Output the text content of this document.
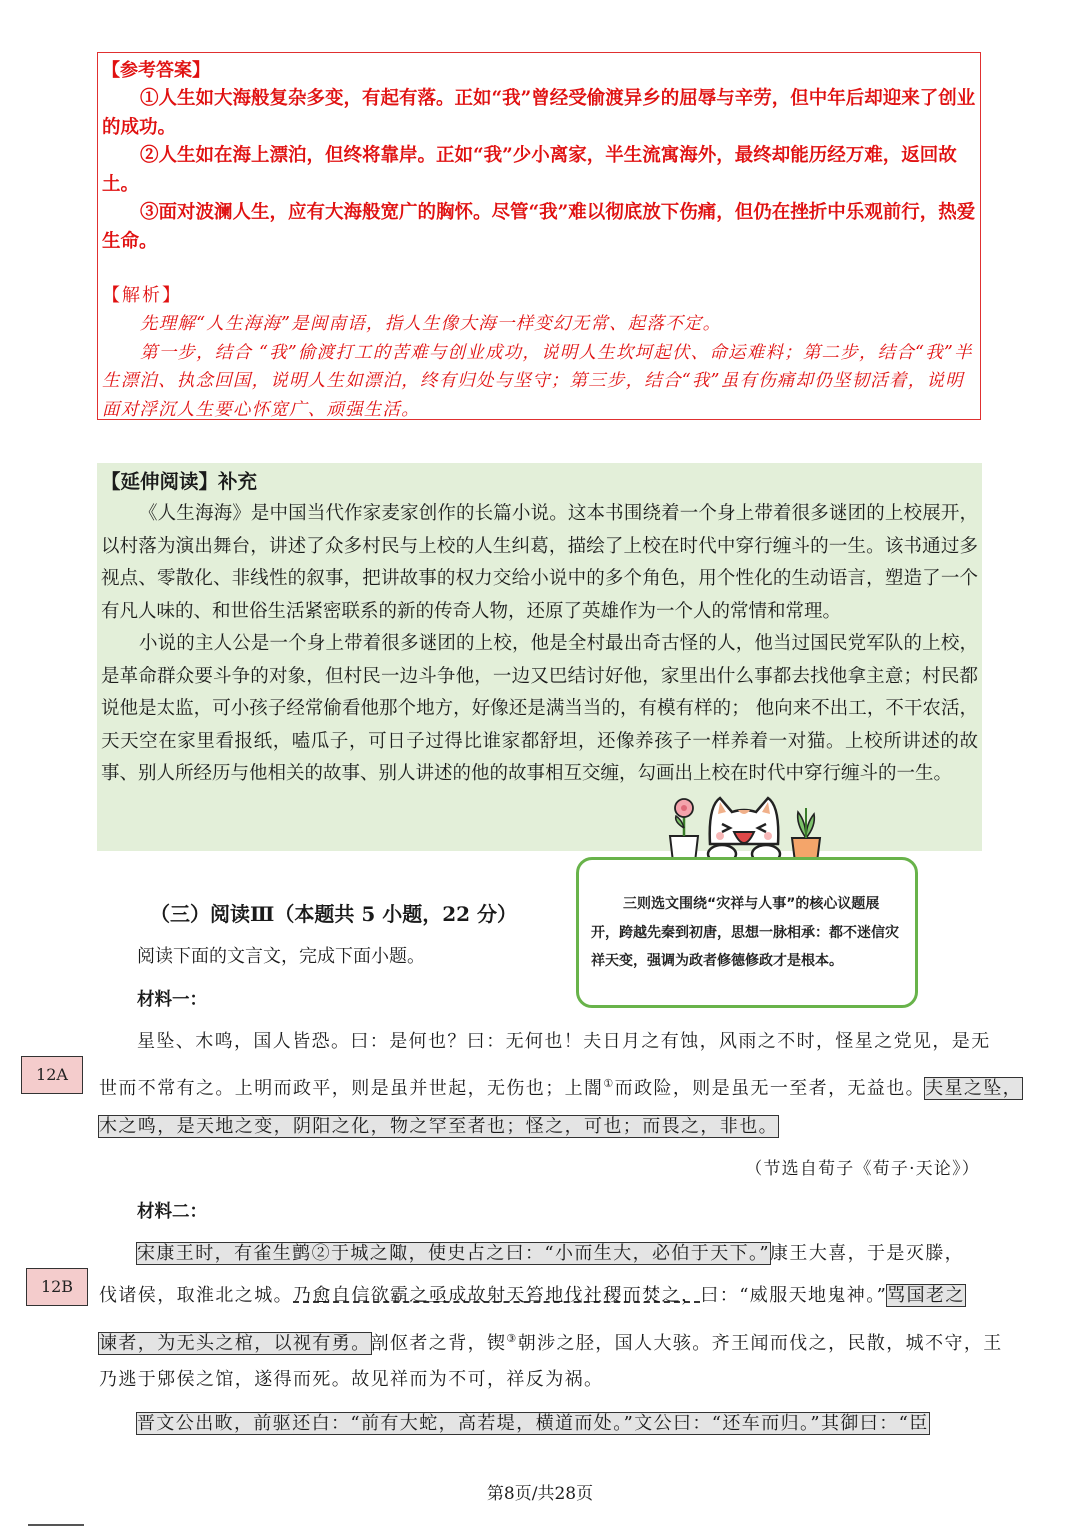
【参考答案】

①人生如大海般复杂多变，有起有落。正如“我”曾经受偷渡异乡的屈辱与辛劳，但中年后却迎来了创业的成功。

②人生如在海上漂泊，但终将靠岸。正如“我”少小离家，半生流寓海外，最终却能历经万难，返回故土。

③面对波澜人生，应有大海般宽广的胸怀。尽管“我”难以彻底放下伤痛，但仍在挫折中乐观前行，热爱生命。

【解析】

先理解“人生海海”是闽南语，指人生像大海一样变幻无常、起落不定。

第一步，结合 “我”偷渡打工的苦难与创业成功，说明人生坎坷起伏、命运难料；第二步，结合“我”半生漂泊、执念回国，说明人生如漂泊，终有归处与坚守；第三步，结合“我”虽有伤痛却仍坚韧活着，说明面对浮沉人生要心怀宽广、顽强生活。

【延伸阅读】补充

《人生海海》是中国当代作家麦家创作的长篇小说。这本书围绕着一个身上带着很多谜团的上校展开，以村落为演出舞台，讲述了众多村民与上校的人生纠葛，描绘了上校在时代中穿行缠斗的一生。该书通过多视点、零散化、非线性的叙事，把讲故事的权力交给小说中的多个角色，用个性化的生动语言，塑造了一个有凡人味的、和世俗生活紧密联系的新的传奇人物，还原了英雄作为一个人的常情和常理。

小说的主人公是一个身上带着很多谜团的上校，他是全村最出奇古怪的人，他当过国民党军队的上校，是革命群众要斗争的对象，但村民一边斗争他，一边又巴结讨好他，家里出什么事都去找他拿主意；村民都说他是太监，可小孩子经常偷看他那个地方，好像还是满当当的，有模有样的； 他向来不出工，不干农活，天天空在家里看报纸，嗑瓜子，可日子过得比谁家都舒坦，还像养孩子一样养着一对猫。上校所讲述的故事、别人所经历与他相关的故事、别人讲述的他的故事相互交缠，勾画出上校在时代中穿行缠斗的一生。

三则选文围绕“灾祥与人事”的核心议题展开，跨越先秦到初唐，思想一脉相承：都不迷信灾祥天变，强调为政者修德修政才是根本。

（三）阅读Ⅲ（本题共 5 小题，22 分）
阅读下面的文言文，完成下面小题。
材料一：
星坠、木鸣，国人皆恐。曰：是何也？曰：无何也！夫日月之有蚀，风雨之不时，怪星之党见，是无
世而不常有之。上明而政平，则是虽并世起，无伤也；上闇①而政险，则是虽无一至者，无益也。夫星之坠，
木之鸣，是天地之变，阴阳之化，物之罕至者也；怪之，可也；而畏之，非也。
（节选自荀子《荀子·天论》）
材料二：
宋康王时，有雀生鹯②于城之陬，使史占之曰：“小而生大，必伯于天下。”康王大喜，于是灭滕，
伐诸侯，取淮北之城。乃愈自信欲霸之亟成故射天笞地伐社稷而焚之，曰：“威服天地鬼神。”骂国老之
谏者，为无头之棺，以视有勇。剖伛者之背，锲③朝涉之胫，国人大骇。齐王闻而伐之，民散，城不守，王
乃逃于郳侯之馆，遂得而死。故见祥而为不可，祥反为祸。
晋文公出畋，前驱还白：“前有大蛇，高若堤，横道而处。”文公曰：“还车而归。”其御曰：“臣
12A
12B
第8页/共28页
